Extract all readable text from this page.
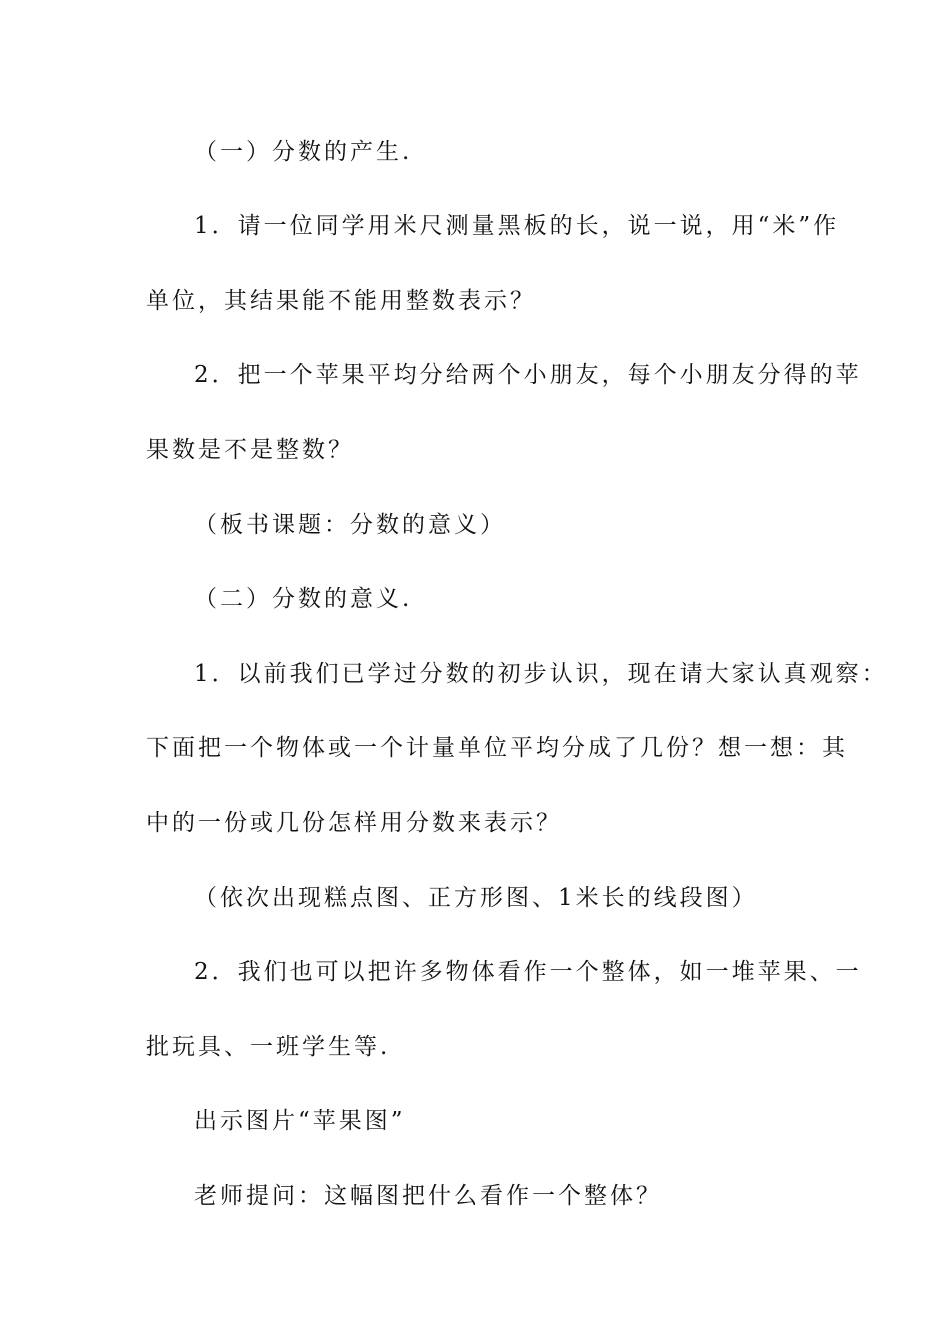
（一）分数的产生.
1．请一位同学用米尺测量黑板的长，说一说，用“米”作
单位，其结果能不能用整数表示？
2．把一个苹果平均分给两个小朋友，每个小朋友分得的苹
果数是不是整数？
（板书课题：分数的意义）
（二）分数的意义.
1．以前我们已学过分数的初步认识，现在请大家认真观察：
下面把一个物体或一个计量单位平均分成了几份？想一想：其
中的一份或几份怎样用分数来表示？
（依次出现糕点图、正方形图、1米长的线段图）
2．我们也可以把许多物体看作一个整体，如一堆苹果、一
批玩具、一班学生等.
出示图片“苹果图”
老师提问：这幅图把什么看作一个整体？
